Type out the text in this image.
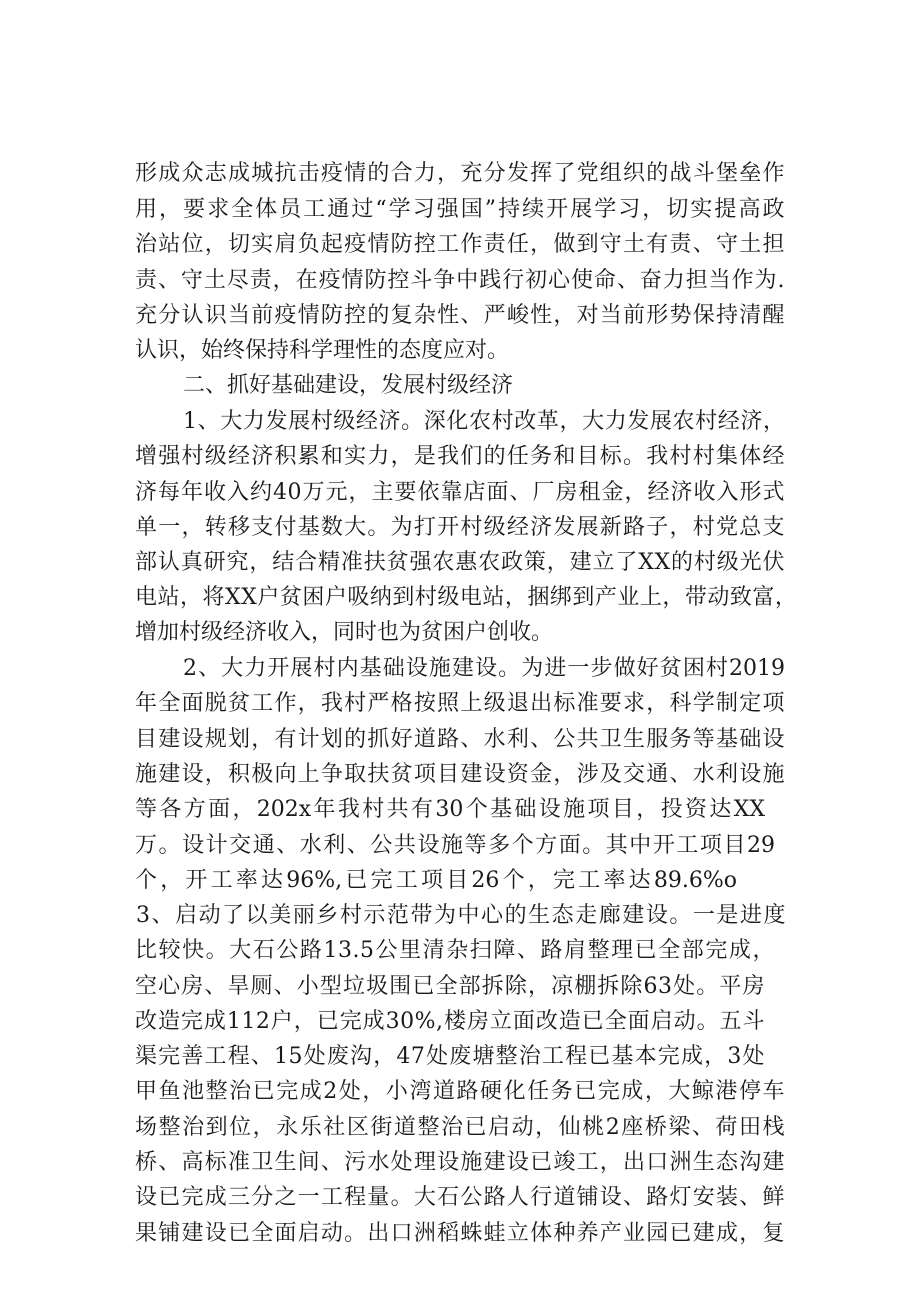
形成众志成城抗击疫情的合力，充分发挥了党组织的战斗堡垒作
用，要求全体员工通过“学习强国”持续开展学习，切实提高政
治站位，切实肩负起疫情防控工作责任，做到守土有责、守土担
责、守土尽责，在疫情防控斗争中践行初心使命、奋力担当作为.
充分认识当前疫情防控的复杂性、严峻性，对当前形势保持清醒
认识，始终保持科学理性的态度应对。
二、抓好基础建设，发展村级经济
1、大力发展村级经济。深化农村改革，大力发展农村经济，
增强村级经济积累和实力，是我们的任务和目标。我村村集体经
济每年收入约40万元，主要依靠店面、厂房租金，经济收入形式
单一，转移支付基数大。为打开村级经济发展新路子，村党总支
部认真研究，结合精准扶贫强农惠农政策，建立了XX的村级光伏
电站，将XX户贫困户吸纳到村级电站，捆绑到产业上，带动致富，
增加村级经济收入，同时也为贫困户创收。
2、大力开展村内基础设施建设。为进一步做好贫困村2019
年全面脱贫工作，我村严格按照上级退出标准要求，科学制定项
目建设规划，有计划的抓好道路、水利、公共卫生服务等基础设
施建设，积极向上争取扶贫项目建设资金，涉及交通、水利设施
等各方面，202x年我村共有30个基础设施项目，投资达XX
万。设计交通、水利、公共设施等多个方面。其中开工项目29
个，开工率达96%,已完工项目26个，完工率达89.6%o
3、启动了以美丽乡村示范带为中心的生态走廊建设。一是进度
比较快。大石公路13.5公里清杂扫障、路肩整理已全部完成，
空心房、旱厕、小型垃圾围已全部拆除，凉棚拆除63处。平房
改造完成112户，已完成30%,楼房立面改造已全面启动。五斗
渠完善工程、15处废沟，47处废塘整治工程已基本完成，3处
甲鱼池整治已完成2处，小湾道路硬化任务已完成，大鲸港停车
场整治到位，永乐社区街道整治已启动，仙桃2座桥梁、荷田栈
桥、高标准卫生间、污水处理设施建设已竣工，出口洲生态沟建
设已完成三分之一工程量。大石公路人行道铺设、路灯安装、鲜
果铺建设已全面启动。出口洲稻蛛蛙立体种养产业园已建成，复
